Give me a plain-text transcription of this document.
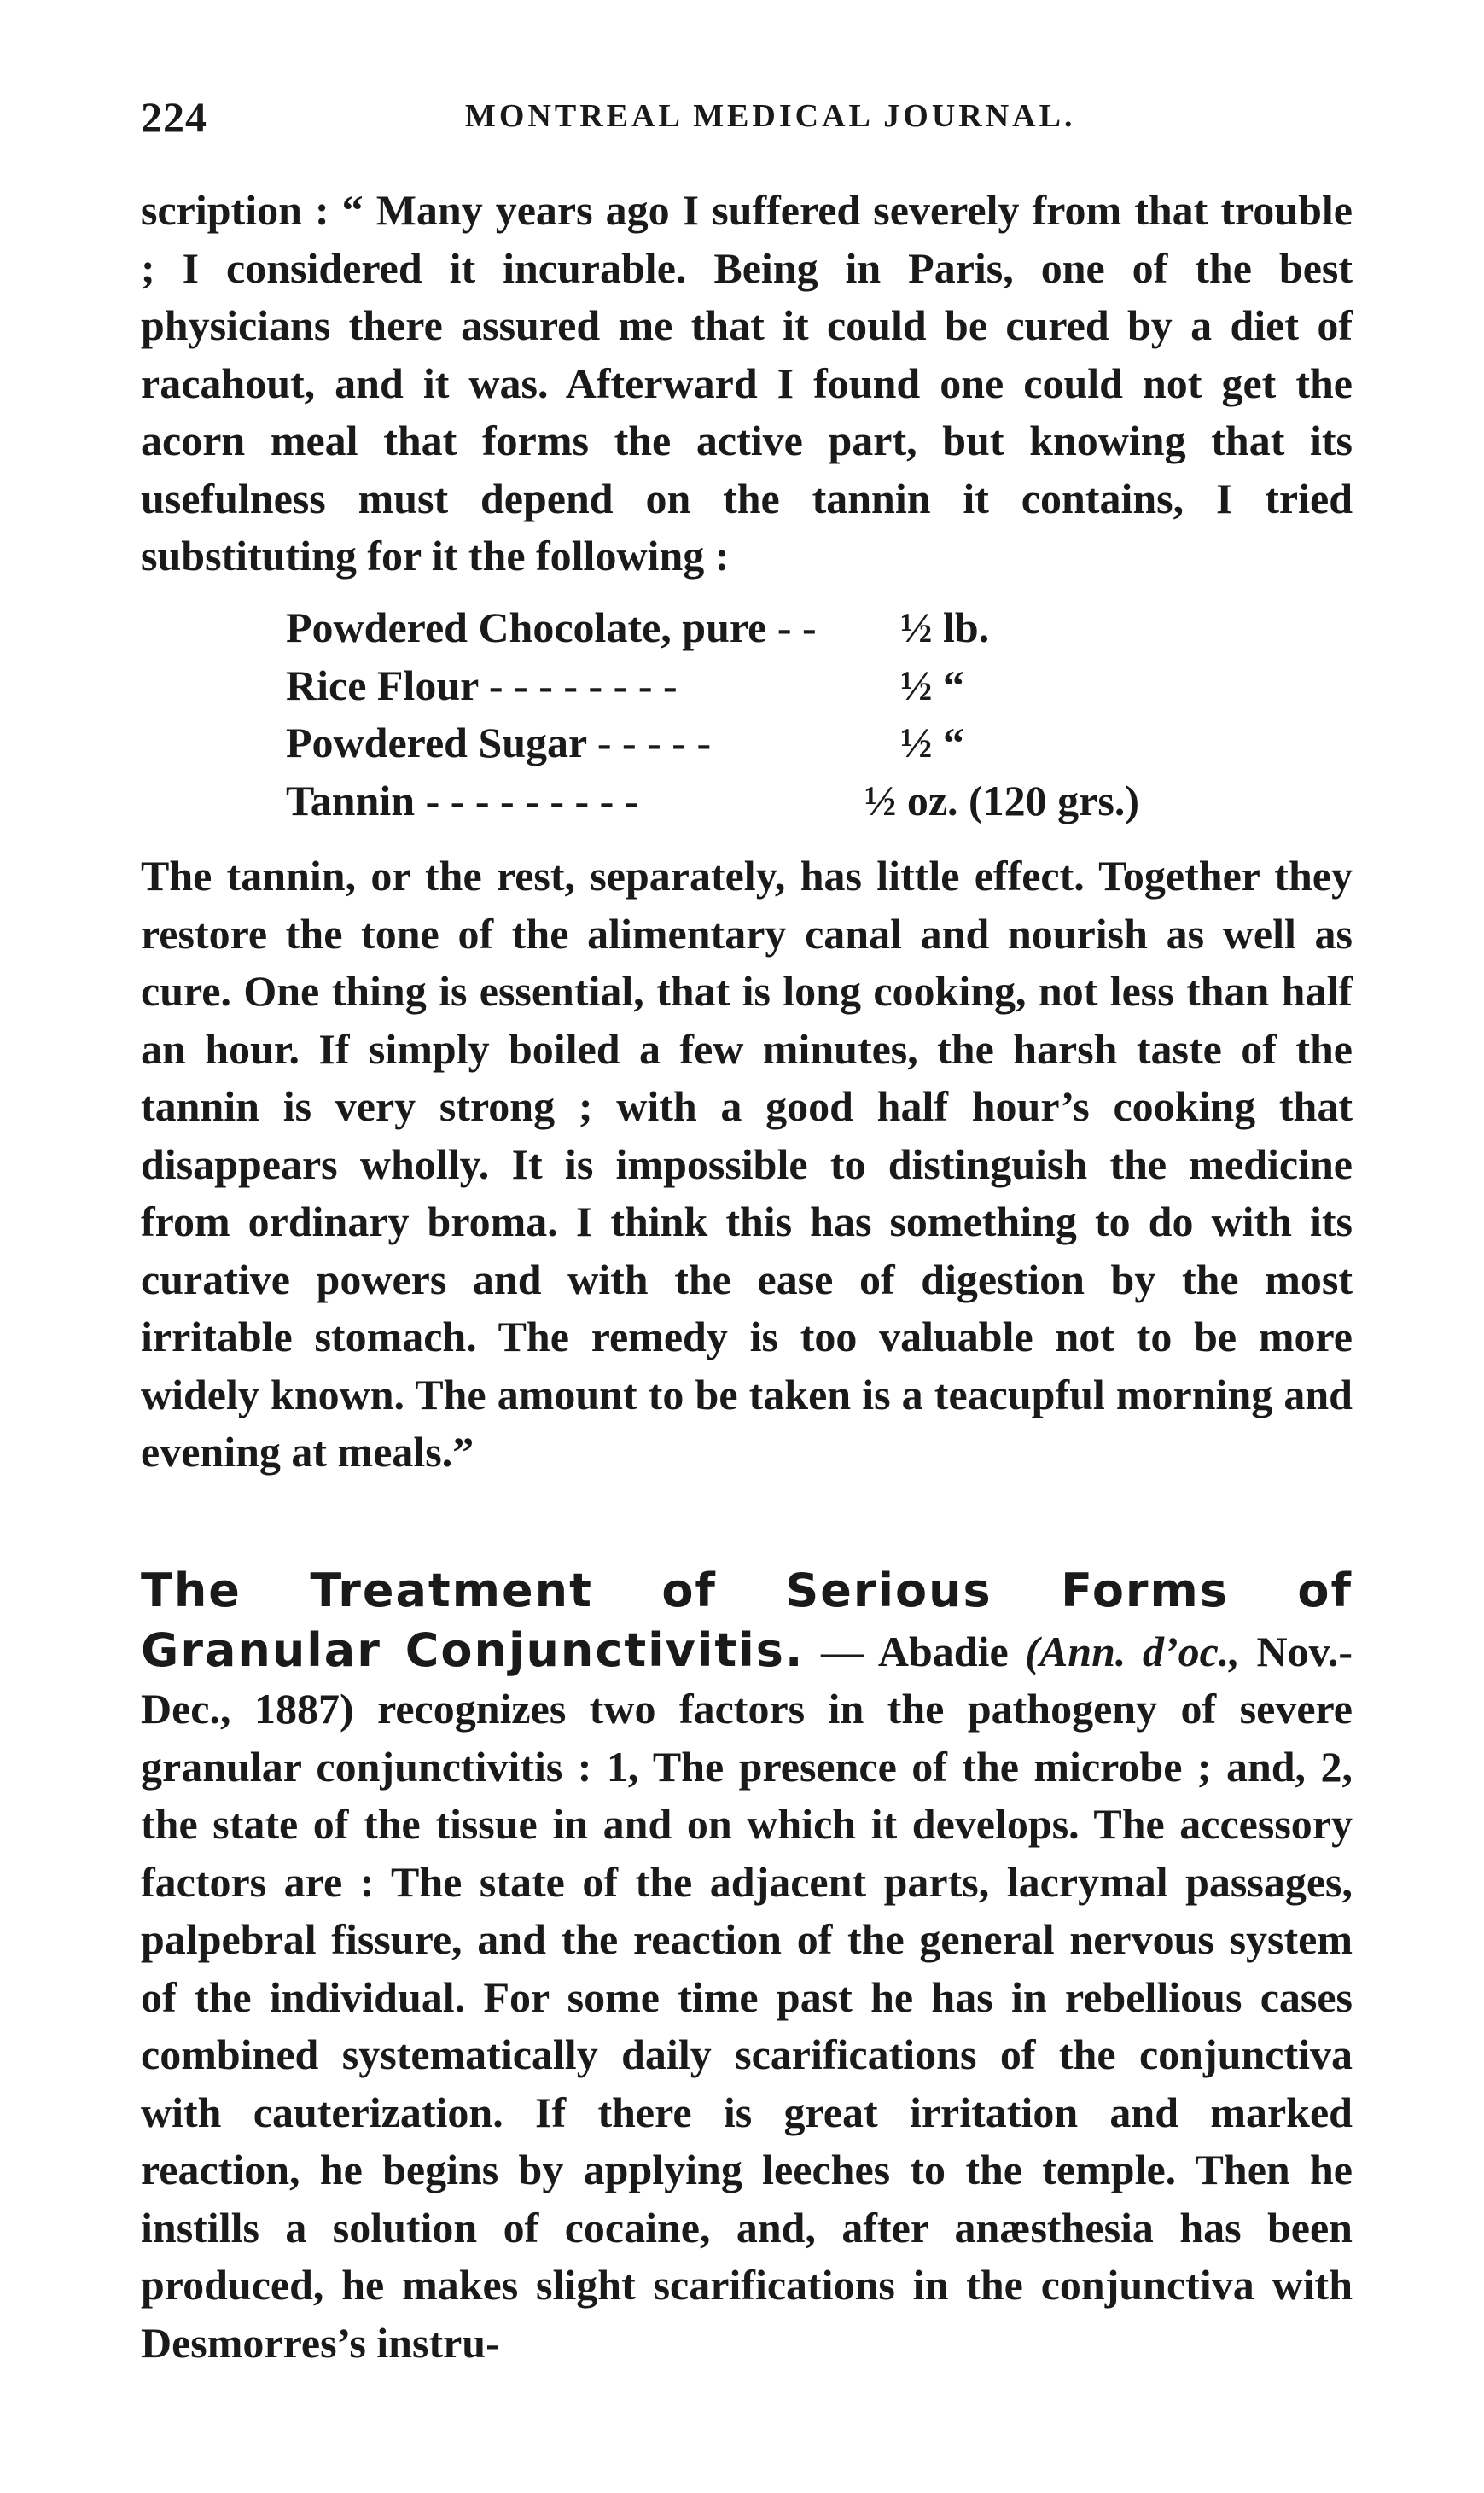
224	MONTREAL MEDICAL JOURNAL.

scription : “ Many years ago I suffered severely from that trouble ; I considered it incurable. Being in Paris, one of the best physicians there assured me that it could be cured by a diet of racahout, and it was. Afterward I found one could not get the acorn meal that forms the active part, but knowing that its usefulness must depend on the tannin it contains, I tried substituting for it the following :

Powdered Chocolate, pure - -	½ lb.
Rice Flour - - - - - - - -	½ “
Powdered Sugar - - - - -	½ “
Tannin - - - - - - - - -	½ oz. (120 grs.)

The tannin, or the rest, separately, has little effect. Together they restore the tone of the alimentary canal and nourish as well as cure. One thing is essential, that is long cooking, not less than half an hour. If simply boiled a few minutes, the harsh taste of the tannin is very strong ; with a good half hour’s cooking that disappears wholly. It is impossible to distinguish the medicine from ordinary broma. I think this has something to do with its curative powers and with the ease of digestion by the most irritable stomach. The remedy is too valuable not to be more widely known. The amount to be taken is a teacupful morning and evening at meals.”

The Treatment of Serious Forms of Granular Conjunctivitis. — Abadie (Ann. d’oc., Nov.-Dec., 1887) recognizes two factors in the pathogeny of severe granular conjunctivitis : 1, The presence of the microbe ; and, 2, the state of the tissue in and on which it develops. The accessory factors are : The state of the adjacent parts, lacrymal passages, palpebral fissure, and the reaction of the general nervous system of the individual. For some time past he has in rebellious cases combined systematically daily scarifications of the conjunctiva with cauterization. If there is great irritation and marked reaction, he begins by applying leeches to the temple. Then he instills a solution of cocaine, and, after anæsthesia has been produced, he makes slight scarifications in the conjunctiva with Desmorres’s instru-
